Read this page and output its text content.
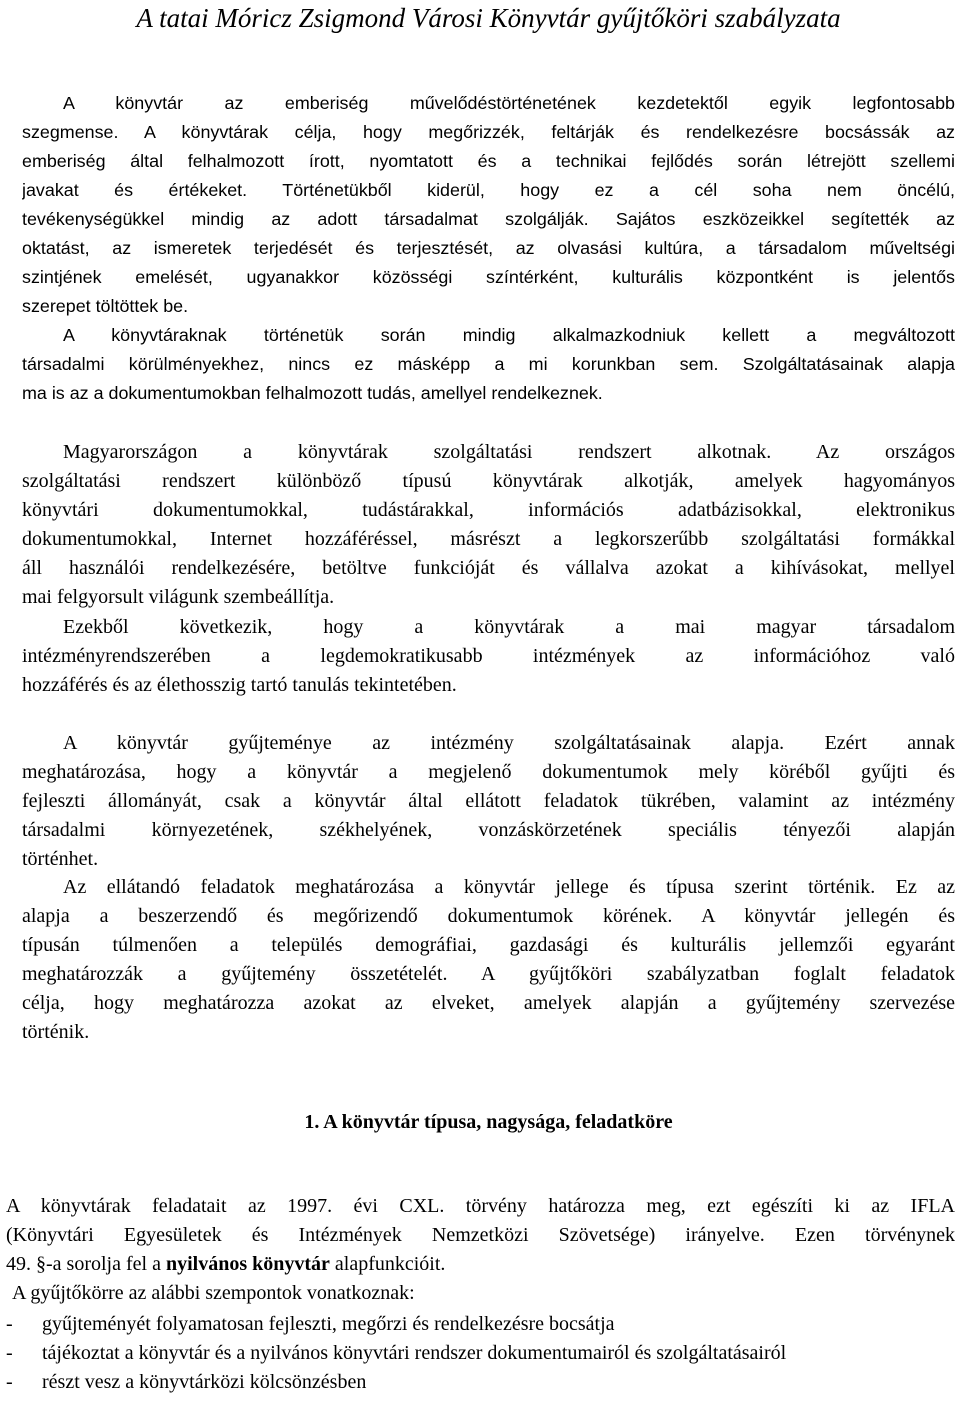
A tatai Móricz Zsigmond Városi Könyvtár gyűjtőköri szabályzata
A könyvtár az emberiség művelődéstörténetének kezdetektől egyik legfontosabb
szegmense. A könyvtárak célja, hogy megőrizzék, feltárják és rendelkezésre bocsássák az
emberiség által felhalmozott írott, nyomtatott és a technikai fejlődés során létrejött szellemi
javakat és értékeket. Történetükből kiderül, hogy ez a cél soha nem öncélú,
tevékenységükkel mindig az adott társadalmat szolgálják. Sajátos eszközeikkel segítették az
oktatást, az ismeretek terjedését és terjesztését, az olvasási kultúra, a társadalom műveltségi
szintjének emelését, ugyanakkor közösségi színtérként, kulturális központként is jelentős
szerepet töltöttek be.
A könyvtáraknak történetük során mindig alkalmazkodniuk kellett a megváltozott
társadalmi körülményekhez, nincs ez másképp a mi korunkban sem. Szolgáltatásainak alapja
ma is az a dokumentumokban felhalmozott tudás, amellyel rendelkeznek.
Magyarországon a könyvtárak szolgáltatási rendszert alkotnak. Az országos
szolgáltatási rendszert különböző típusú könyvtárak alkotják, amelyek hagyományos
könyvtári dokumentumokkal, tudástárakkal, információs adatbázisokkal, elektronikus
dokumentumokkal, Internet hozzáféréssel, másrészt a legkorszerűbb szolgáltatási formákkal
áll használói rendelkezésére, betöltve funkcióját és vállalva azokat a kihívásokat, mellyel
mai felgyorsult világunk szembeállítja.
Ezekből következik, hogy a könyvtárak a mai magyar társadalom
intézményrendszerében a legdemokratikusabb intézmények az információhoz való
hozzáférés és az élethosszig tartó tanulás tekintetében.
A könyvtár gyűjteménye az intézmény szolgáltatásainak alapja. Ezért annak
meghatározása, hogy a könyvtár a megjelenő dokumentumok mely köréből gyűjti és
fejleszti állományát, csak a könyvtár által ellátott feladatok tükrében, valamint az intézmény
társadalmi környezetének, székhelyének, vonzáskörzetének speciális tényezői alapján
történhet.
Az ellátandó feladatok meghatározása a könyvtár jellege és típusa szerint történik. Ez az
alapja a beszerzendő és megőrizendő dokumentumok körének. A könyvtár jellegén és
típusán túlmenően a település demográfiai, gazdasági és kulturális jellemzői egyaránt
meghatározzák a gyűjtemény összetételét. A gyűjtőköri szabályzatban foglalt feladatok
célja, hogy meghatározza azokat az elveket, amelyek alapján a gyűjtemény szervezése
történik.
1. A könyvtár típusa, nagysága, feladatköre
A könyvtárak feladatait az 1997. évi CXL. törvény határozza meg, ezt egészíti ki az IFLA
(Könyvtári Egyesületek és Intézmények Nemzetközi Szövetsége) irányelve. Ezen törvénynek
49. §-a sorolja fel a nyilvános könyvtár alapfunkcióit.
A gyűjtőkörre az alábbi szempontok vonatkoznak:
- gyűjteményét folyamatosan fejleszti, megőrzi és rendelkezésre bocsátja
- tájékoztat a könyvtár és a nyilvános könyvtári rendszer dokumentumairól és szolgáltatásairól
- részt vesz a könyvtárközi kölcsönzésben
